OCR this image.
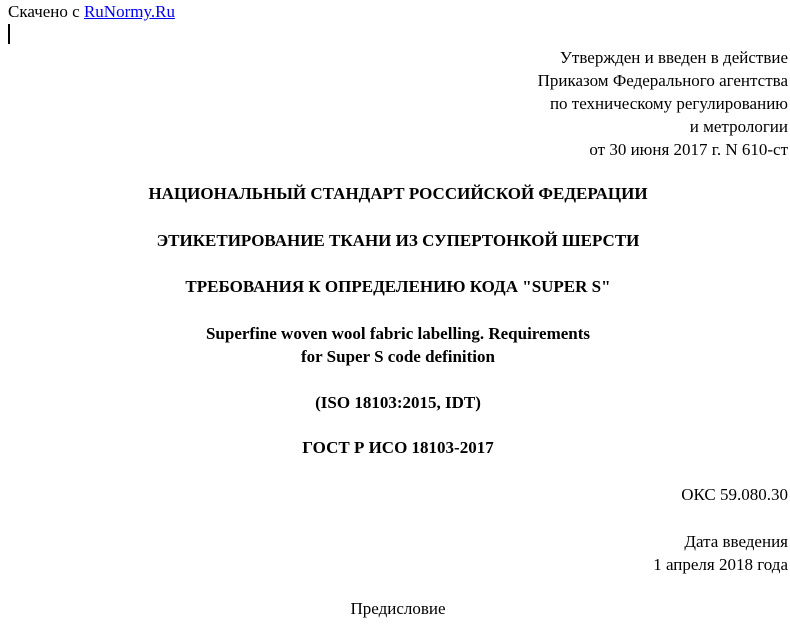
Скачено с RuNormy.Ru
Утвержден и введен в действие
Приказом Федерального агентства
по техническому регулированию
и метрологии
от 30 июня 2017 г. N 610-ст
НАЦИОНАЛЬНЫЙ СТАНДАРТ РОССИЙСКОЙ ФЕДЕРАЦИИ
ЭТИКЕТИРОВАНИЕ ТКАНИ ИЗ СУПЕРТОНКОЙ ШЕРСТИ
ТРЕБОВАНИЯ К ОПРЕДЕЛЕНИЮ КОДА "SUPER S"
Superfine woven wool fabric labelling. Requirements
for Super S code definition
(ISO 18103:2015, IDT)
ГОСТ Р ИСО 18103-2017
ОКС 59.080.30
Дата введения
1 апреля 2018 года
Предисловие
